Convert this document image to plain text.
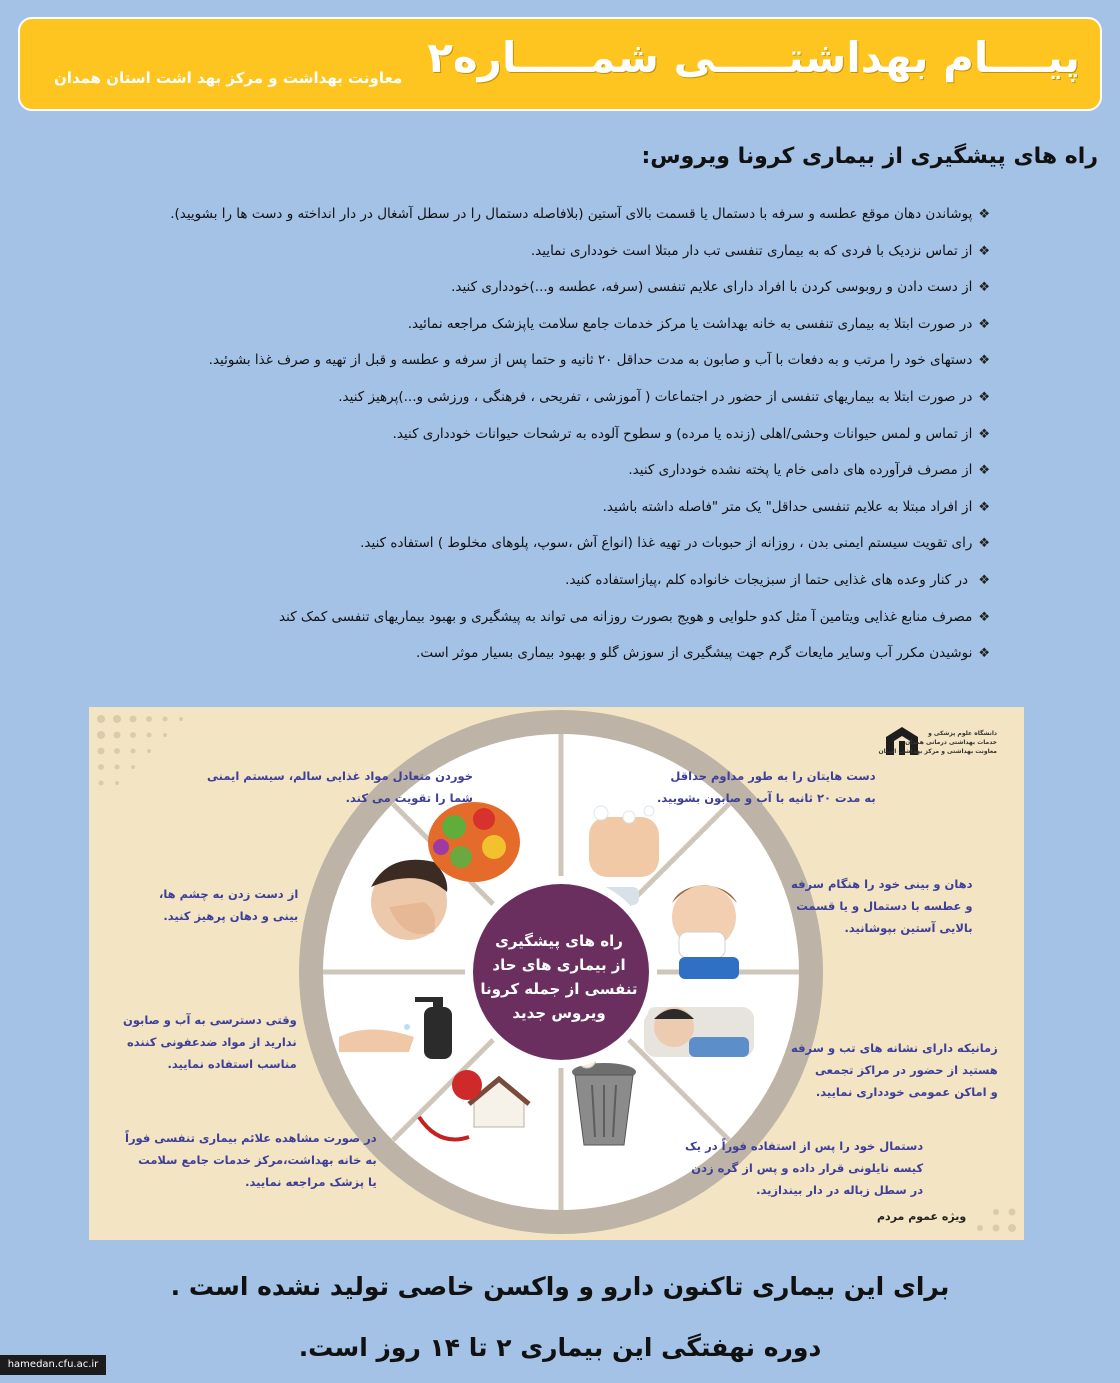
پیــــام بهداشتـــــی شمـــــاره۲
معاونت بهداشت و مرکز بهد اشت استان همدان
راه های پیشگیری از بیماری کرونا ویروس:
❖پوشاندن دهان موقع عطسه و سرفه با دستمال یا قسمت بالای آستین (بلافاصله دستمال را در سطل آشغال در دار انداخته و دست ها را بشویید).
❖از تماس نزدیک با فردی که به بیماری تنفسی تب دار مبتلا است خودداری نمایید.
❖از دست دادن و روبوسی کردن با افراد دارای علایم تنفسی (سرفه، عطسه و...)خودداری کنید.
❖در صورت ابتلا به بیماری تنفسی به خانه بهداشت یا مرکز خدمات جامع سلامت یاپزشک مراجعه نمائید.
❖دستهای خود را مرتب و به دفعات با آب و صابون به مدت حداقل ۲۰ ثانیه و حتما پس از سرفه و عطسه و قبل از تهیه و صرف غذا بشوئید.
❖در صورت ابتلا به بیماریهای تنفسی از حضور در اجتماعات ( آموزشی ، تفریحی ، فرهنگی ، ورزشی و...)پرهیز کنید.
❖از تماس و لمس حیوانات وحشی/اهلی (زنده یا مرده) و سطوح آلوده به ترشحات حیوانات خودداری کنید.
❖از مصرف فرآورده های دامی خام یا پخته نشده خودداری کنید.
❖از افراد مبتلا به علایم تنفسی حداقل" یک متر "فاصله داشته باشید.
❖رای تقویت سیستم ایمنی بدن ، روزانه از حبوبات در تهیه غذا (انواع آش ،سوپ، پلوهای مخلوط ) استفاده کنید.
❖ در کنار وعده های غذایی حتما از سبزیجات خانواده کلم ،پیازاستفاده کنید.
❖مصرف منابع غذایی ویتامین آ مثل کدو حلوایی و هویج بصورت روزانه می تواند به پیشگیری و بهبود بیماریهای تنفسی کمک کند
❖نوشیدن مکرر آب وسایر مایعات گرم جهت پیشگیری از سوزش گلو و بهبود بیماری بسیار موثر است.
دانشگاه علوم پزشکی و
خدمات بهداشتی درمانی همدان
معاونت بهداشتی و مرکز بهداشت استان
راه های پیشگیری
از بیماری های حاد
تنفسی از جمله کرونا
ویروس جدید
دست هایتان را به طور مداوم حداقل
به مدت ۲۰ ثانیه با آب و صابون بشویید.
دهان و بینی خود را هنگام سرفه
و عطسه با دستمال و یا قسمت
بالایی آستین بپوشانید.
زمانیکه دارای نشانه های تب و سرفه
هستید از حضور در مراکز تجمعی
و اماکن عمومی خودداری نمایید.
دستمال خود را پس از استفاده فوراً در یک
کیسه نایلونی قرار داده و پس از گره زدن
در سطل زباله در دار بیندازید.
خوردن متعادل مواد غذایی سالم، سیستم ایمنی
شما را تقویت می کند.
از دست زدن به چشم ها،
بینی و دهان پرهیز کنید.
وقتی دسترسی به آب و صابون
ندارید از مواد ضدعفونی کننده
مناسب استفاده نمایید.
در صورت مشاهده علائم بیماری تنفسی فوراً
به خانه بهداشت،مرکز خدمات جامع سلامت
یا پزشک مراجعه نمایید.
ویژه عموم مردم
برای این بیماری تاکنون دارو و واکسن خاصی تولید نشده است .
دوره نهفتگی این بیماری ۲ تا ۱۴ روز است.
hamedan.cfu.ac.ir
